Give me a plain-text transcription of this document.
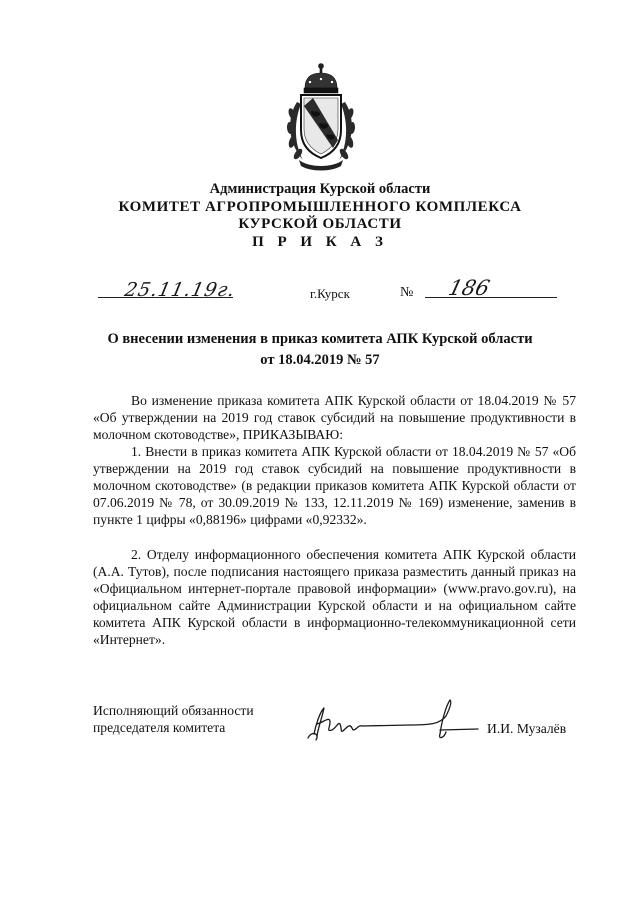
Администрация Курской области
КОМИТЕТ АГРОПРОМЫШЛЕННОГО КОМПЛЕКСА
КУРСКОЙ ОБЛАСТИ
П Р И К А З
25.11.19г.	г.Курск	№ 186
О внесении изменения в приказ комитета АПК Курской области
от 18.04.2019 № 57

Во изменение приказа комитета АПК Курской области от 18.04.2019 № 57 «Об утверждении на 2019 год ставок субсидий на повышение продуктивности в молочном скотоводстве», ПРИКАЗЫВАЮ:

1. Внести в приказ комитета АПК Курской области от 18.04.2019 № 57 «Об утверждении на 2019 год ставок субсидий на повышение продуктивности в молочном скотоводстве» (в редакции приказов комитета АПК Курской области от 07.06.2019 № 78, от 30.09.2019 № 133, 12.11.2019 № 169) изменение, заменив в пункте 1 цифры «0,88196» цифрами «0,92332».

2. Отделу информационного обеспечения комитета АПК Курской области (А.А. Тутов), после подписания настоящего приказа разместить данный приказ на «Официальном интернет-портале правовой информации» (www.pravo.gov.ru), на официальном сайте Администрации Курской области и на официальном сайте комитета АПК Курской области в информационно-телекоммуникационной сети «Интернет».

Исполняющий обязанности
председателя комитета	И.И. Музалёв
